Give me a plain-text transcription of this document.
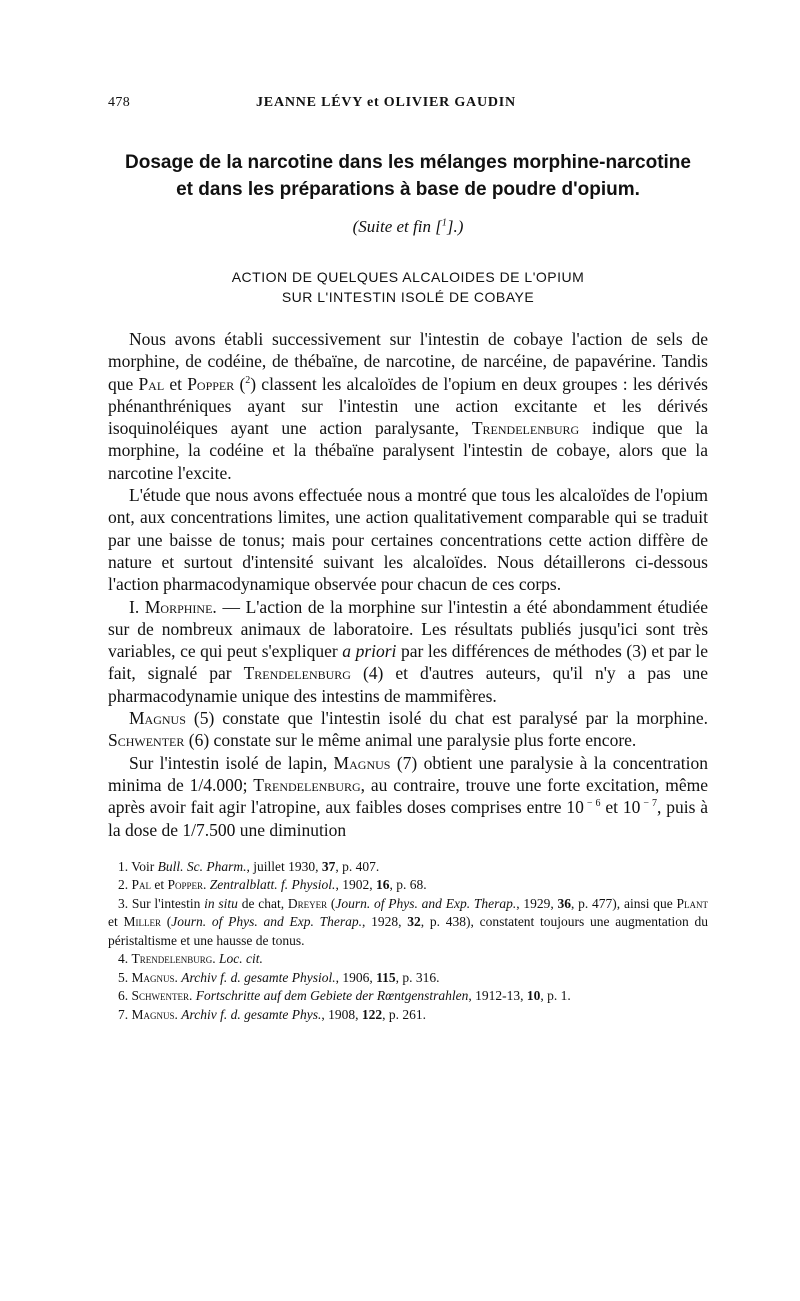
478	JEANNE LÉVY et OLIVIER GAUDIN
Dosage de la narcotine dans les mélanges morphine-narcotine
et dans les préparations à base de poudre d'opium.
(Suite et fin [$^1$].)
ACTION DE QUELQUES ALCALOIDES DE L'OPIUM
SUR L'INTESTIN ISOLÉ DE COBAYE

Nous avons établi successivement sur l'intestin de cobaye l'action de sels de morphine, de codéine, de thébaïne, de narcotine, de narcéine, de papavérine. Tandis que Pal et Popper ($^2$) classent les alcaloïdes de l'opium en deux groupes : les dérivés phénanthréniques ayant sur l'intestin une action excitante et les dérivés isoquinoléiques ayant une action paralysante, Trendelenburg indique que la morphine, la codéine et la thébaïne paralysent l'intestin de cobaye, alors que la narcotine l'excite.

L'étude que nous avons effectuée nous a montré que tous les alcaloïdes de l'opium ont, aux concentrations limites, une action qualitativement comparable qui se traduit par une baisse de tonus; mais pour certaines concentrations cette action diffère de nature et surtout d'intensité suivant les alcaloïdes. Nous détaillerons ci-dessous l'action pharmacodynamique observée pour chacun de ces corps.

I. Morphine. — L'action de la morphine sur l'intestin a été abondamment étudiée sur de nombreux animaux de laboratoire. Les résultats publiés jusqu'ici sont très variables, ce qui peut s'expliquer a priori par les différences de méthodes (3) et par le fait, signalé par Trendelenburg (4) et d'autres auteurs, qu'il n'y a pas une pharmacodynamie unique des intestins de mammifères.

Magnus (5) constate que l'intestin isolé du chat est paralysé par la morphine. Schwenter (6) constate sur le même animal une paralysie plus forte encore.

Sur l'intestin isolé de lapin, Magnus (7) obtient une paralysie à la concentration minima de 1/4.000; Trendelenburg, au contraire, trouve une forte excitation, même après avoir fait agir l'atropine, aux faibles doses comprises entre 10 $^{- 6}$ et 10 $^{- 7}$, puis à la dose de 1/7.500 une diminution

1. Voir Bull. Sc. Pharm., juillet 1930, 37, p. 407.
2. Pal et Popper. Zentralblatt. f. Physiol., 1902, 16, p. 68.
3. Sur l'intestin in situ de chat, Dreyer (Journ. of Phys. and Exp. Therap., 1929, 36, p. 477), ainsi que Plant et Miller (Journ. of Phys. and Exp. Therap., 1928, 32, p. 438), constatent toujours une augmentation du péristaltisme et une hausse de tonus.
4. Trendelenburg. Loc. cit.
5. Magnus. Archiv f. d. gesamte Physiol., 1906, 115, p. 316.
6. Schwenter. Fortschritte auf dem Gebiete der Rœntgenstrahlen, 1912-13, 10, p. 1.
7. Magnus. Archiv f. d. gesamte Phys., 1908, 122, p. 261.
